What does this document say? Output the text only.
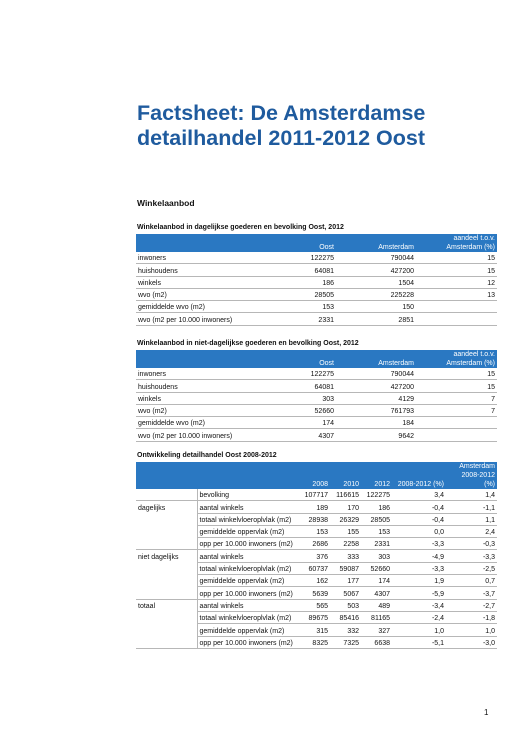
Factsheet: De Amsterdamse
detailhandel 2011-2012 Oost
Winkelaanbod
Winkelaanbod in dagelijkse goederen en bevolking Oost, 2012
	Oost	Amsterdam	aandeel t.o.v.
Amsterdam (%)

inwoners	122275	790044	15
huishoudens	64081	427200	15
winkels	186	1504	12
wvo (m2)	28505	225228	13
gemiddelde wvo (m2)	153	150	
wvo (m2 per 10.000 inwoners)	2331	2851	
Winkelaanbod in niet-dagelijkse goederen en bevolking Oost, 2012
	Oost	Amsterdam	aandeel t.o.v.
Amsterdam (%)

inwoners	122275	790044	15
huishoudens	64081	427200	15
winkels	303	4129	7
wvo (m2)	52660	761793	7
gemiddelde wvo (m2)	174	184	
wvo (m2 per 10.000 inwoners)	4307	9642	
Ontwikkeling detailhandel Oost 2008-2012
		2008	2010	2012	2008-2012 (%)	Amsterdam
2008-2012
(%)

	bevolking	107717	116615	122275	3,4	1,4
dagelijks	aantal winkels	189	170	186	-0,4	-1,1
	totaal winkelvloeroplvlak (m2)	28938	26329	28505	-0,4	1,1
	gemiddelde oppervlak (m2)	153	155	153	0,0	2,4
	opp per 10.000 inwoners (m2)	2686	2258	2331	-3,3	-0,3
niet dagelijks	aantal winkels	376	333	303	-4,9	-3,3
	totaal winkelvloeroplvlak (m2)	60737	59087	52660	-3,3	-2,5
	gemiddelde oppervlak (m2)	162	177	174	1,9	0,7
	opp per 10.000 inwoners (m2)	5639	5067	4307	-5,9	-3,7
totaal	aantal winkels	565	503	489	-3,4	-2,7
	totaal winkelvloeroplvlak (m2)	89675	85416	81165	-2,4	-1,8
	gemiddelde oppervlak (m2)	315	332	327	1,0	1,0
	opp per 10.000 inwoners (m2)	8325	7325	6638	-5,1	-3,0
1
